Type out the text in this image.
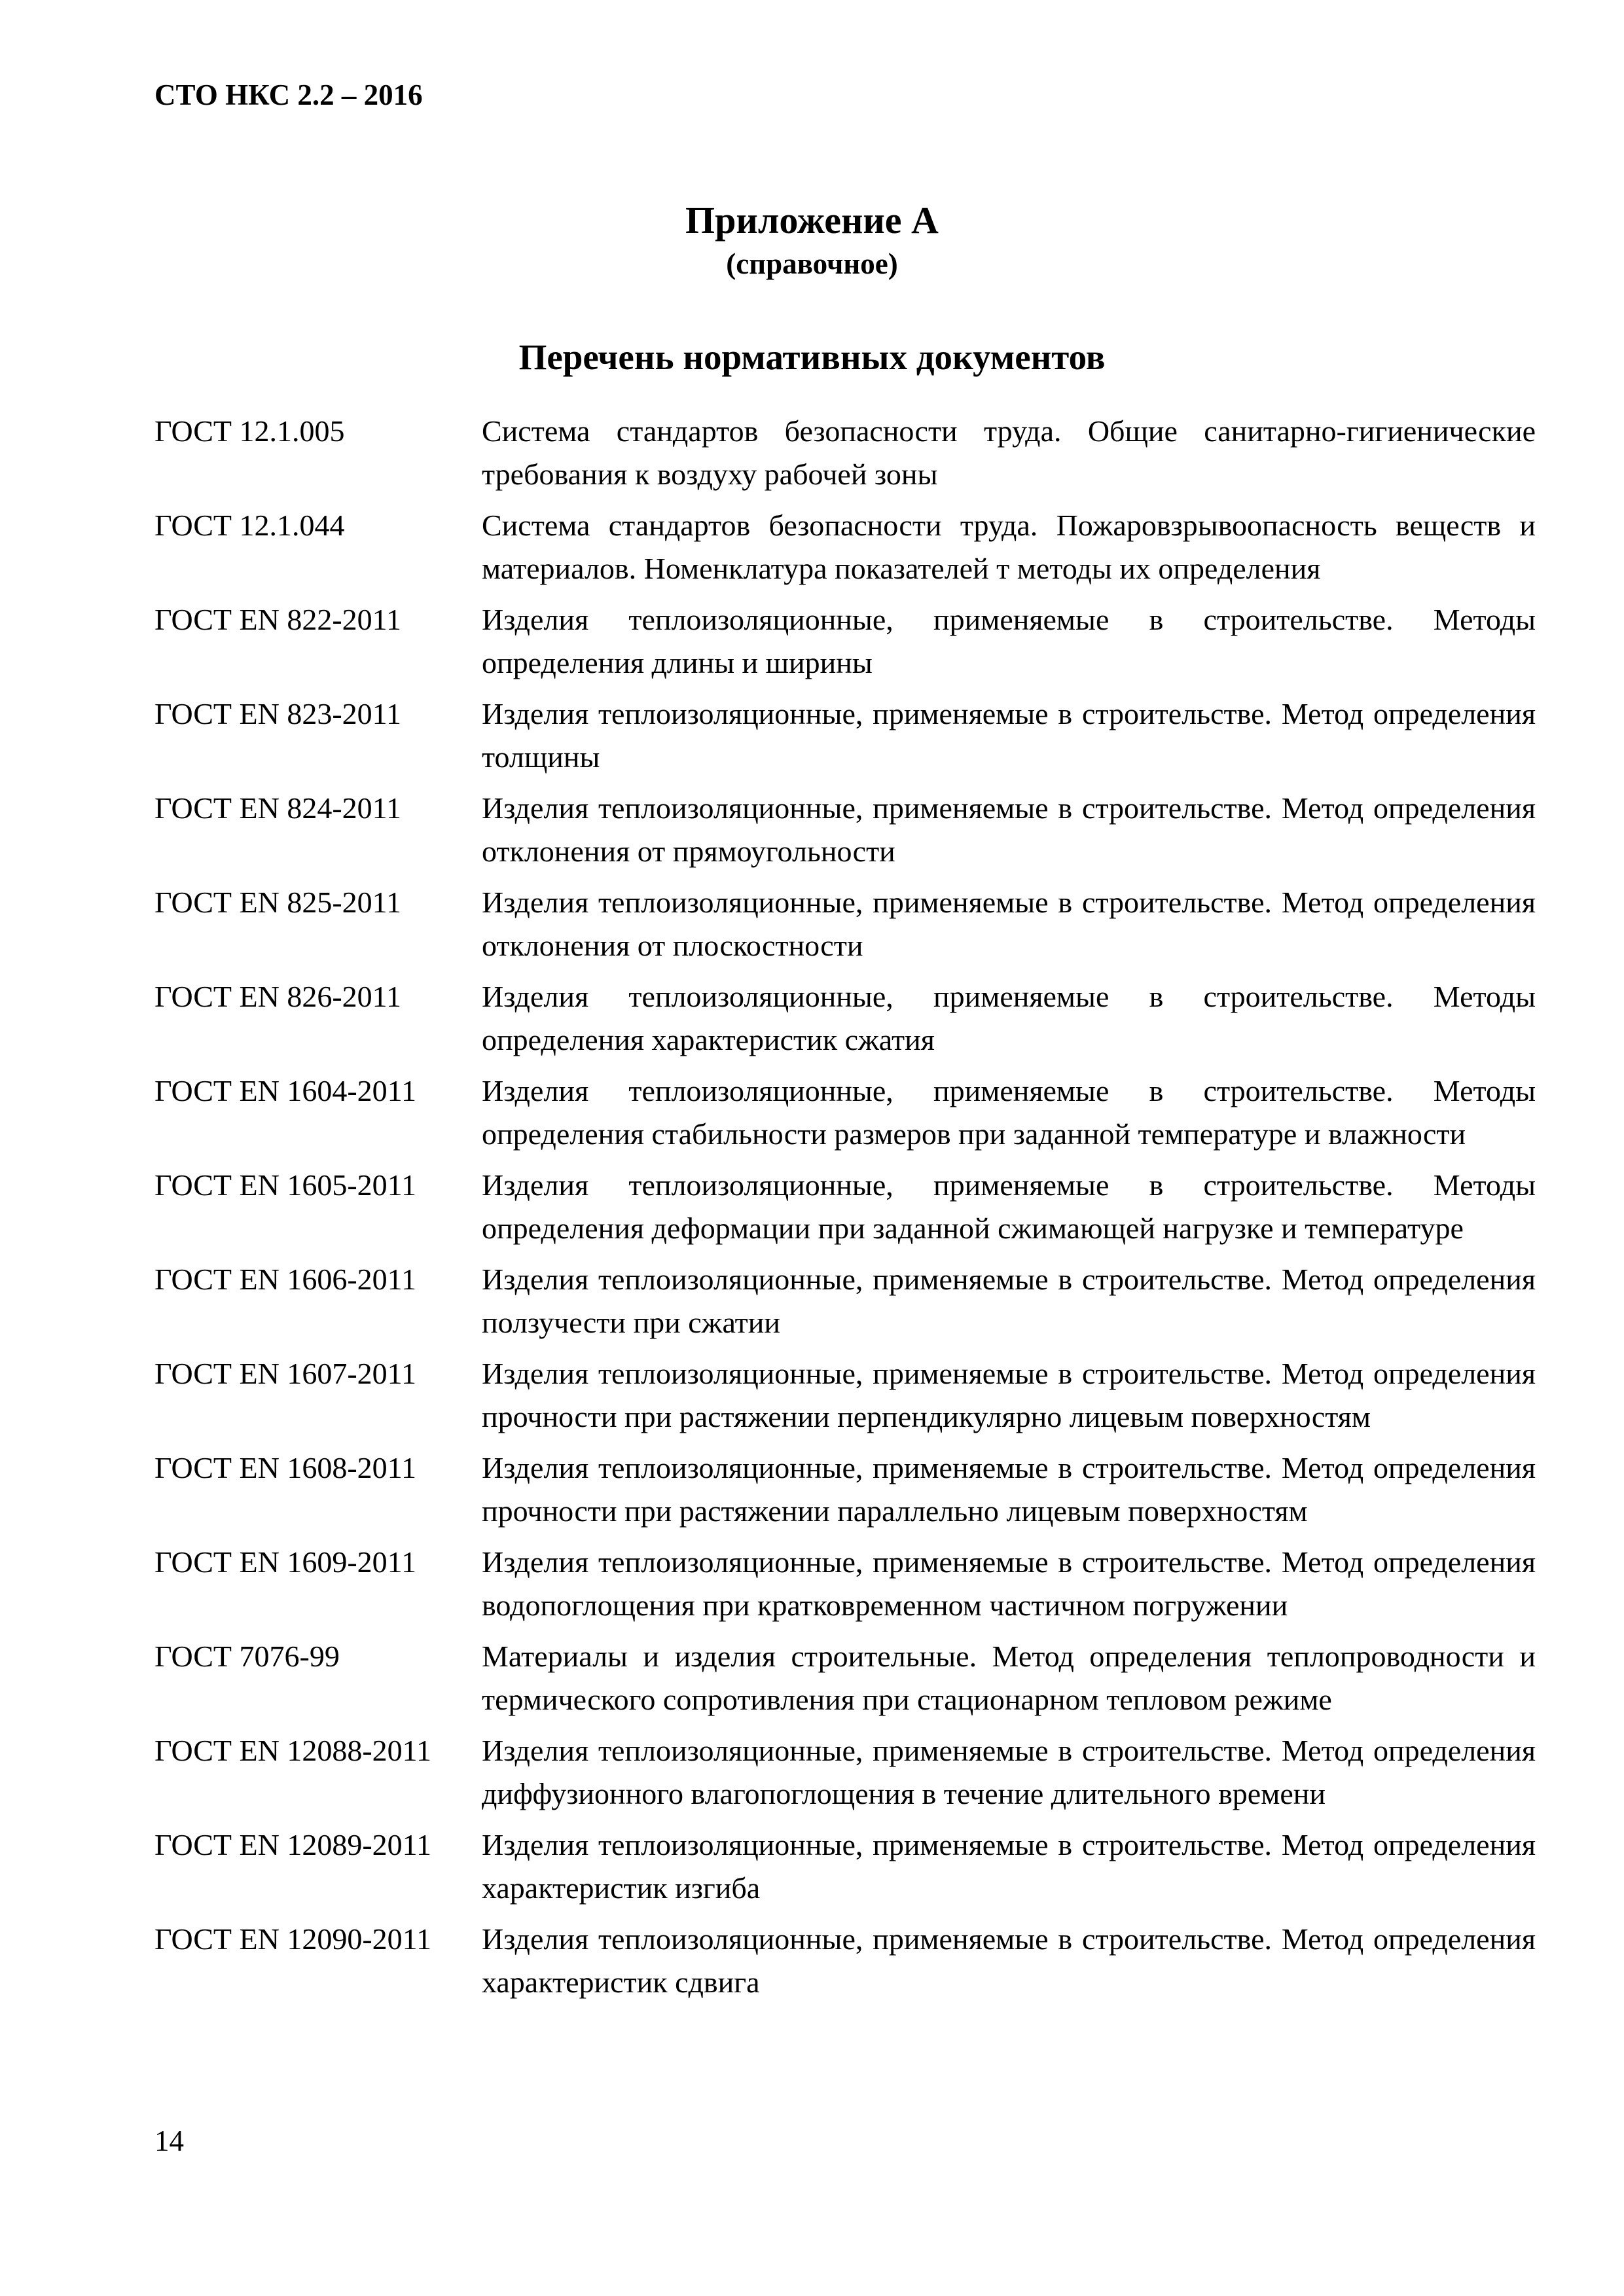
СТО НКС 2.2 – 2016
Приложение А
(справочное)
Перечень нормативных документов
ГОСТ 12.1.005	Система стандартов безопасности труда. Общие санитарно-гигиенические требования к воздуху рабочей зоны
ГОСТ 12.1.044	Система стандартов безопасности труда. Пожаровзрывоопасность веществ и материалов. Номенклатура показателей т методы их определения
ГОСТ EN 822-2011	Изделия теплоизоляционные, применяемые в строительстве. Методы определения длины и ширины
ГОСТ EN 823-2011	Изделия теплоизоляционные, применяемые в строительстве. Метод определения толщины
ГОСТ EN 824-2011	Изделия теплоизоляционные, применяемые в строительстве. Метод определения отклонения от прямоугольности
ГОСТ EN 825-2011	Изделия теплоизоляционные, применяемые в строительстве. Метод определения отклонения от плоскостности
ГОСТ EN 826-2011	Изделия теплоизоляционные, применяемые в строительстве. Методы определения характеристик сжатия
ГОСТ EN 1604-2011	Изделия теплоизоляционные, применяемые в строительстве. Методы определения стабильности размеров при заданной температуре и влажности
ГОСТ EN 1605-2011	Изделия теплоизоляционные, применяемые в строительстве. Методы определения деформации при заданной сжимающей нагрузке и температуре
ГОСТ EN 1606-2011	Изделия теплоизоляционные, применяемые в строительстве. Метод определения ползучести при сжатии
ГОСТ EN 1607-2011	Изделия теплоизоляционные, применяемые в строительстве. Метод определения прочности при растяжении перпендикулярно лицевым поверхностям
ГОСТ EN 1608-2011	Изделия теплоизоляционные, применяемые в строительстве. Метод определения прочности при растяжении параллельно лицевым поверхностям
ГОСТ EN 1609-2011	Изделия теплоизоляционные, применяемые в строительстве. Метод определения водопоглощения при кратковременном частичном погружении
ГОСТ 7076-99	Материалы и изделия строительные. Метод определения теплопроводности и термического сопротивления при стационарном тепловом режиме
ГОСТ EN 12088-2011	Изделия теплоизоляционные, применяемые в строительстве. Метод определения диффузионного влагопоглощения в течение длительного времени
ГОСТ EN 12089-2011	Изделия теплоизоляционные, применяемые в строительстве. Метод определения характеристик изгиба
ГОСТ EN 12090-2011	Изделия теплоизоляционные, применяемые в строительстве. Метод определения характеристик сдвига
14
